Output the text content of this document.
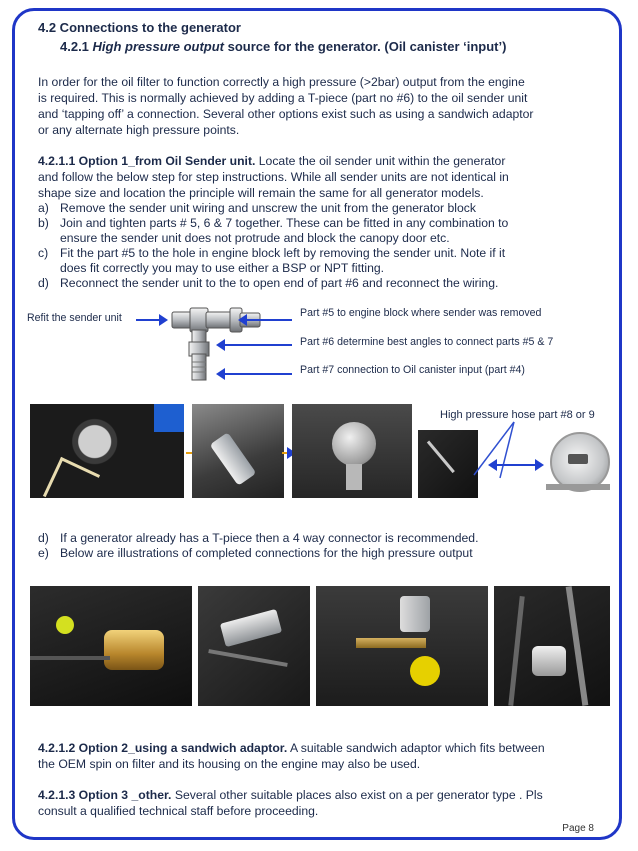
4.2 Connections to the generator
4.2.1 High pressure output source for the generator. (Oil canister ‘input’)
In order for the oil filter to function correctly a high pressure (>2bar) output from the engine
is required. This is normally achieved by adding a T-piece (part no #6) to the oil sender unit
and ‘tapping off’ a connection. Several other options exist such as using a sandwich adaptor
or any alternate high pressure points.
4.2.1.1 Option 1_from Oil Sender unit. Locate the oil sender unit within the generator
and follow the below step for step instructions. While all sender units are not identical in
shape size and location the principle will remain the same for all generator models.
a) Remove the sender unit wiring and unscrew the unit from the generator block
b) Join and tighten parts # 5, 6 & 7 together. These can be fitted in any combination to
ensure the sender unit does not protrude and block the canopy door etc.
c) Fit the part #5 to the hole in engine block left by removing the sender unit. Note if it
does fit correctly you may to use either a BSP or NPT fitting.
d) Reconnect the sender unit to the to open end of part #6 and reconnect the wiring.
Refit the sender unit	Part #5 to engine block where sender was removed
Part #6 determine best angles to connect parts #5 & 7
Part #7 connection to Oil canister input (part #4)
High pressure hose part #8 or 9
d) If a generator already has a T-piece then a 4 way connector is recommended.
e) Below are illustrations of completed connections for the high pressure output
4.2.1.2 Option 2_using a sandwich adaptor. A suitable sandwich adaptor which fits between
the OEM spin on filter and its housing on the engine may also be used.
4.2.1.3 Option 3 _other. Several other suitable places also exist on a per generator type . Pls
consult a qualified technical staff before proceeding.
Page 8
